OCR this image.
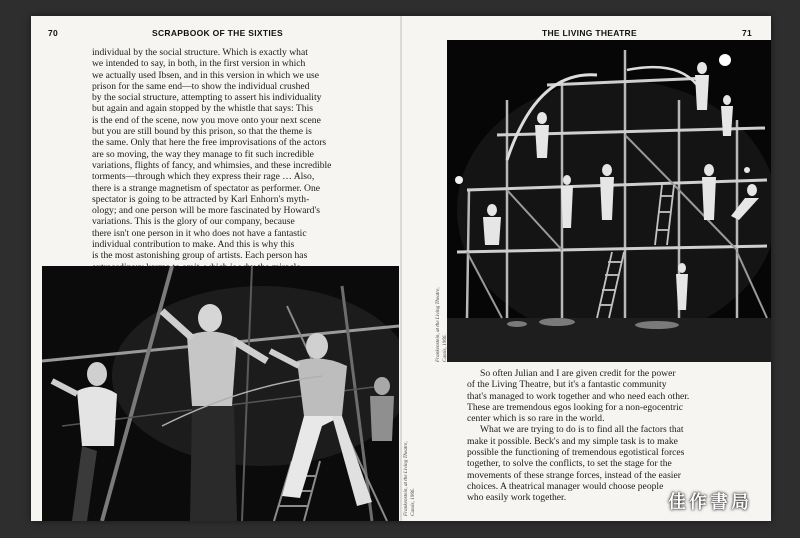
70	SCRAPBOOK OF THE SIXTIES
individual by the social structure. Which is exactly what
we intended to say, in both, in the first version in which
we actually used Ibsen, and in this version in which we use
prison for the same end—to show the individual crushed
by the social structure, attempting to assert his individuality
but again and again stopped by the whistle that says: This
is the end of the scene, now you move onto your next scene
but you are still bound by this prison, so that the theme is
the same. Only that here the free improvisations of the actors
are so moving, the way they manage to fit such incredible
variations, flights of fancy, and whimsies, and these incredible
torments—through which they express their rage … Also,
there is a strange magnetism of spectator as performer. One
spectator is going to be attracted by Karl Enhorn's myth-
ology; and one person will be more fascinated by Howard's
variations. This is the glory of our company, because
there isn't one person in it who does not have a fantastic
individual contribution to make. And this is why this
is the most astonishing group of artists. Each person has
Frankenstein, at the Living Theatre, Cassis, 1966.
THE LIVING THEATRE	71
Frankenstein, at the Living Theatre, Cassis, 1966.
So often Julian and I are given credit for the power
of the Living Theatre, but it's a fantastic community
that's managed to work together and who need each other.
These are tremendous egos looking for a non-egocentric
center which is so rare in the world.
What we are trying to do is to find all the factors that
make it possible. Beck's and my simple task is to make
possible the functioning of tremendous egotistical forces
together, to solve the conflicts, to set the stage for the
movements of these strange forces, instead of the easier
choices. A theatrical manager would choose people
who easily work together.	佳作書局
